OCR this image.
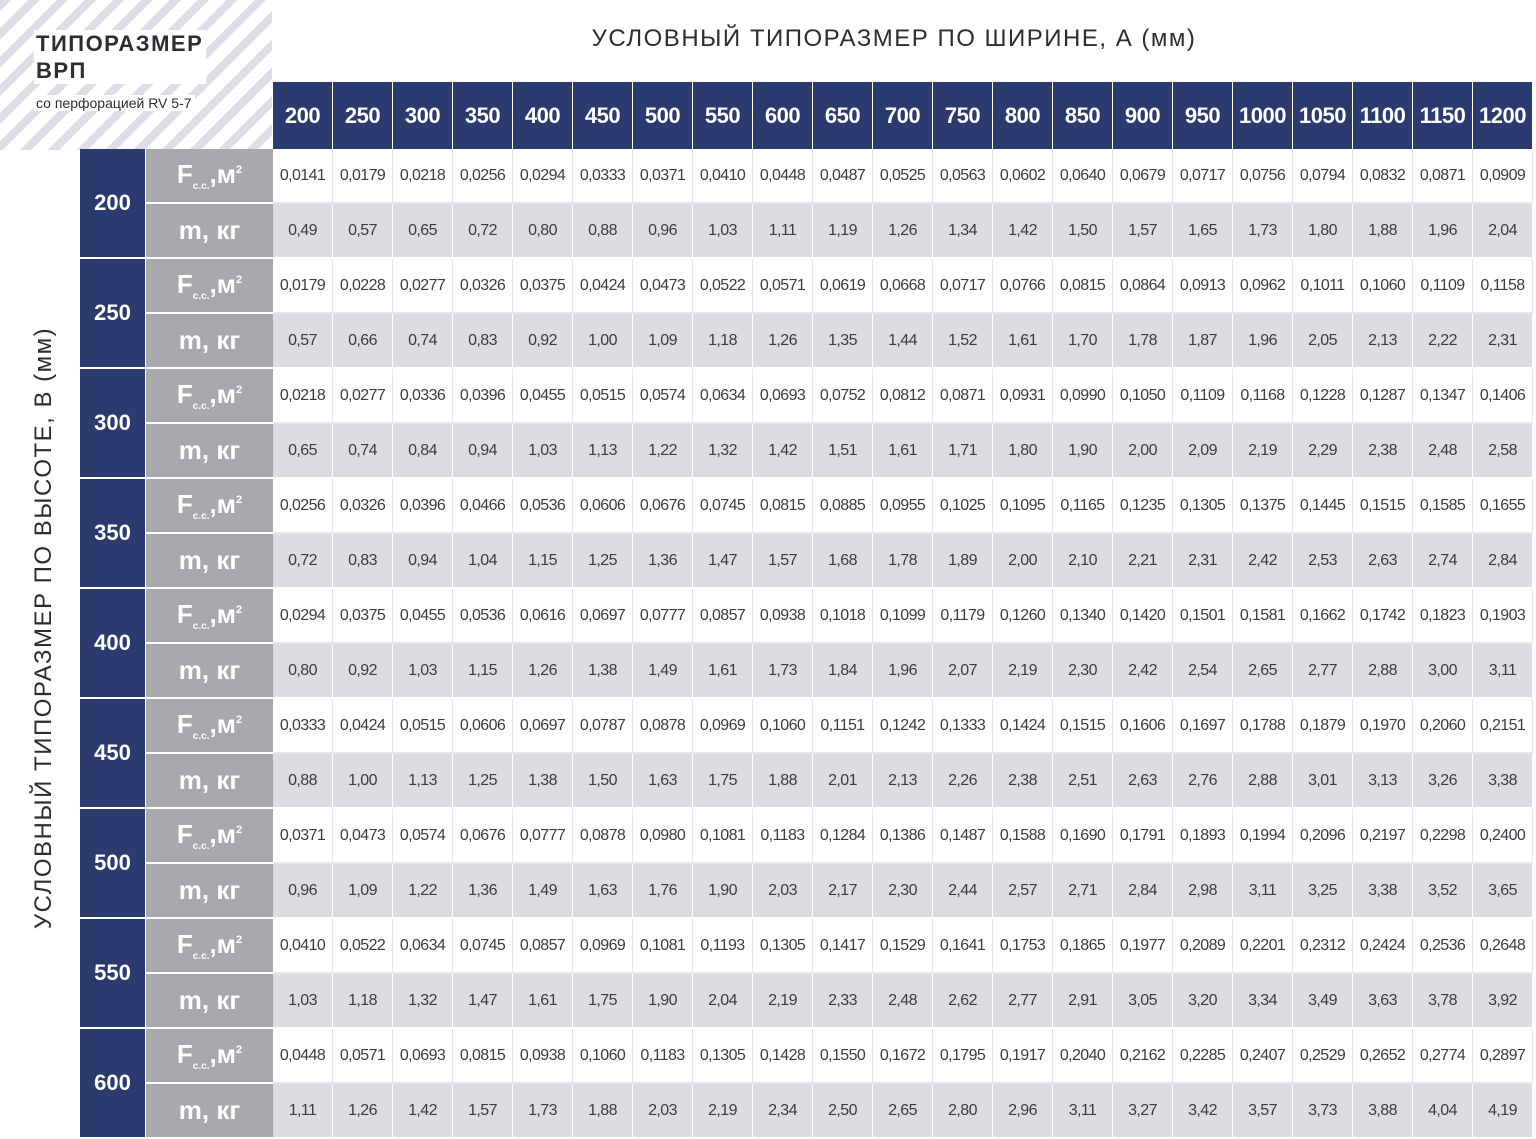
ТИПОРАЗМЕР
ВРП
со перфорацией RV 5-7
УСЛОВНЫЙ ТИПОРАЗМЕР ПО ШИРИНЕ, А (мм)
УСЛОВНЫЙ ТИПОРАЗМЕР ПО ВЫСОТЕ, В (мм)
		200	250	300	350	400	450	500	550	600	650	700	750	800	850	900	950	1000	1050	1100	1150	1200
200	$F_{с.с.},м^2$	0,0141	0,0179	0,0218	0,0256	0,0294	0,0333	0,0371	0,0410	0,0448	0,0487	0,0525	0,0563	0,0602	0,0640	0,0679	0,0717	0,0756	0,0794	0,0832	0,0871	0,0909
	m, кг	0,49	0,57	0,65	0,72	0,80	0,88	0,96	1,03	1,11	1,19	1,26	1,34	1,42	1,50	1,57	1,65	1,73	1,80	1,88	1,96	2,04
250	$F_{с.с.},м^2$	0,0179	0,0228	0,0277	0,0326	0,0375	0,0424	0,0473	0,0522	0,0571	0,0619	0,0668	0,0717	0,0766	0,0815	0,0864	0,0913	0,0962	0,1011	0,1060	0,1109	0,1158
	m, кг	0,57	0,66	0,74	0,83	0,92	1,00	1,09	1,18	1,26	1,35	1,44	1,52	1,61	1,70	1,78	1,87	1,96	2,05	2,13	2,22	2,31
300	$F_{с.с.},м^2$	0,0218	0,0277	0,0336	0,0396	0,0455	0,0515	0,0574	0,0634	0,0693	0,0752	0,0812	0,0871	0,0931	0,0990	0,1050	0,1109	0,1168	0,1228	0,1287	0,1347	0,1406
	m, кг	0,65	0,74	0,84	0,94	1,03	1,13	1,22	1,32	1,42	1,51	1,61	1,71	1,80	1,90	2,00	2,09	2,19	2,29	2,38	2,48	2,58
350	$F_{с.с.},м^2$	0,0256	0,0326	0,0396	0,0466	0,0536	0,0606	0,0676	0,0745	0,0815	0,0885	0,0955	0,1025	0,1095	0,1165	0,1235	0,1305	0,1375	0,1445	0,1515	0,1585	0,1655
	m, кг	0,72	0,83	0,94	1,04	1,15	1,25	1,36	1,47	1,57	1,68	1,78	1,89	2,00	2,10	2,21	2,31	2,42	2,53	2,63	2,74	2,84
400	$F_{с.с.},м^2$	0,0294	0,0375	0,0455	0,0536	0,0616	0,0697	0,0777	0,0857	0,0938	0,1018	0,1099	0,1179	0,1260	0,1340	0,1420	0,1501	0,1581	0,1662	0,1742	0,1823	0,1903
	m, кг	0,80	0,92	1,03	1,15	1,26	1,38	1,49	1,61	1,73	1,84	1,96	2,07	2,19	2,30	2,42	2,54	2,65	2,77	2,88	3,00	3,11
450	$F_{с.с.},м^2$	0,0333	0,0424	0,0515	0,0606	0,0697	0,0787	0,0878	0,0969	0,1060	0,1151	0,1242	0,1333	0,1424	0,1515	0,1606	0,1697	0,1788	0,1879	0,1970	0,2060	0,2151
	m, кг	0,88	1,00	1,13	1,25	1,38	1,50	1,63	1,75	1,88	2,01	2,13	2,26	2,38	2,51	2,63	2,76	2,88	3,01	3,13	3,26	3,38
500	$F_{с.с.},м^2$	0,0371	0,0473	0,0574	0,0676	0,0777	0,0878	0,0980	0,1081	0,1183	0,1284	0,1386	0,1487	0,1588	0,1690	0,1791	0,1893	0,1994	0,2096	0,2197	0,2298	0,2400
	m, кг	0,96	1,09	1,22	1,36	1,49	1,63	1,76	1,90	2,03	2,17	2,30	2,44	2,57	2,71	2,84	2,98	3,11	3,25	3,38	3,52	3,65
550	$F_{с.с.},м^2$	0,0410	0,0522	0,0634	0,0745	0,0857	0,0969	0,1081	0,1193	0,1305	0,1417	0,1529	0,1641	0,1753	0,1865	0,1977	0,2089	0,2201	0,2312	0,2424	0,2536	0,2648
	m, кг	1,03	1,18	1,32	1,47	1,61	1,75	1,90	2,04	2,19	2,33	2,48	2,62	2,77	2,91	3,05	3,20	3,34	3,49	3,63	3,78	3,92
600	$F_{с.с.},м^2$	0,0448	0,0571	0,0693	0,0815	0,0938	0,1060	0,1183	0,1305	0,1428	0,1550	0,1672	0,1795	0,1917	0,2040	0,2162	0,2285	0,2407	0,2529	0,2652	0,2774	0,2897
	m, кг	1,11	1,26	1,42	1,57	1,73	1,88	2,03	2,19	2,34	2,50	2,65	2,80	2,96	3,11	3,27	3,42	3,57	3,73	3,88	4,04	4,19
